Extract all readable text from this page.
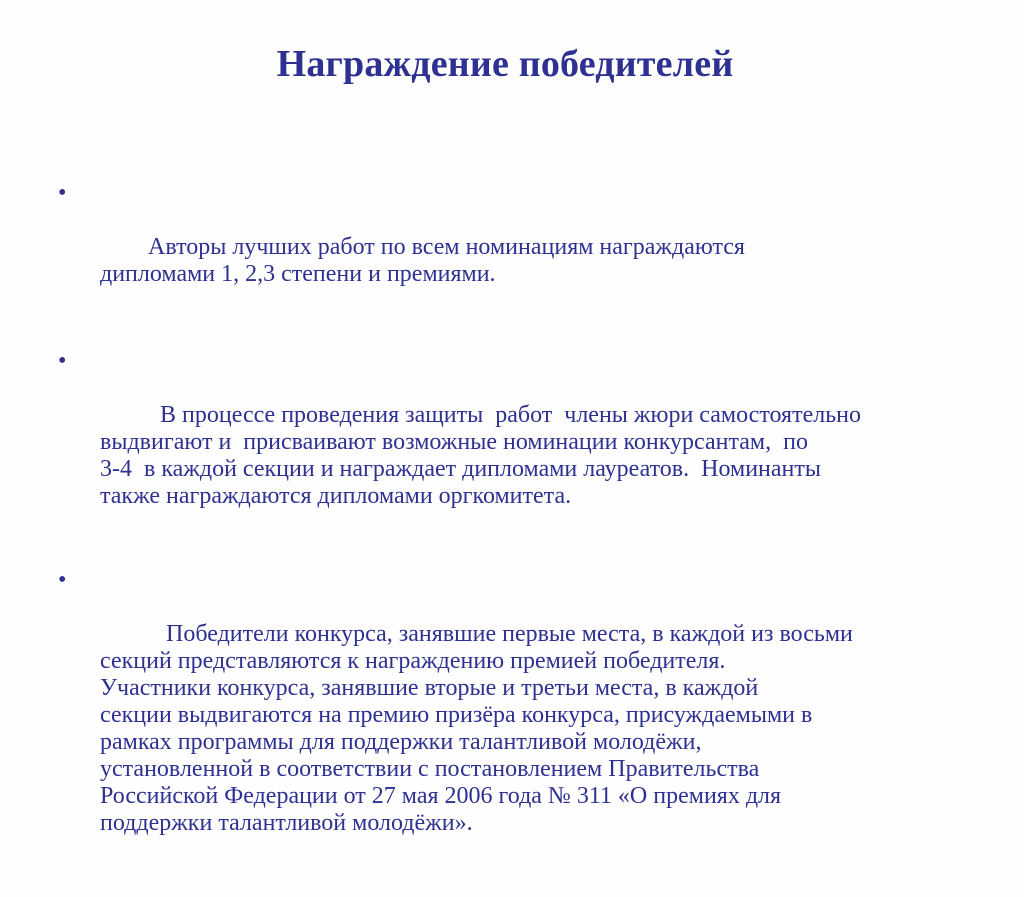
Награждение победителей

•

Авторы лучших работ по всем номинациям награждаются
дипломами 1, 2,3 степени и премиями.

•

В процессе проведения защиты  работ  члены жюри самостоятельно
выдвигают и  присваивают возможные номинации конкурсантам,  по
3-4  в каждой секции и награждает дипломами лауреатов.  Номинанты
также награждаются дипломами оргкомитета.

•

Победители конкурса, занявшие первые места, в каждой из восьми
секций представляются к награждению премией победителя.
Участники конкурса, занявшие вторые и третьи места, в каждой
секции выдвигаются на премию призёра конкурса, присуждаемыми в
рамках программы для поддержки талантливой молодёжи,
установленной в соответствии с постановлением Правительства
Российской Федерации от 27 мая 2006 года № 311 «О премиях для
поддержки талантливой молодёжи».
